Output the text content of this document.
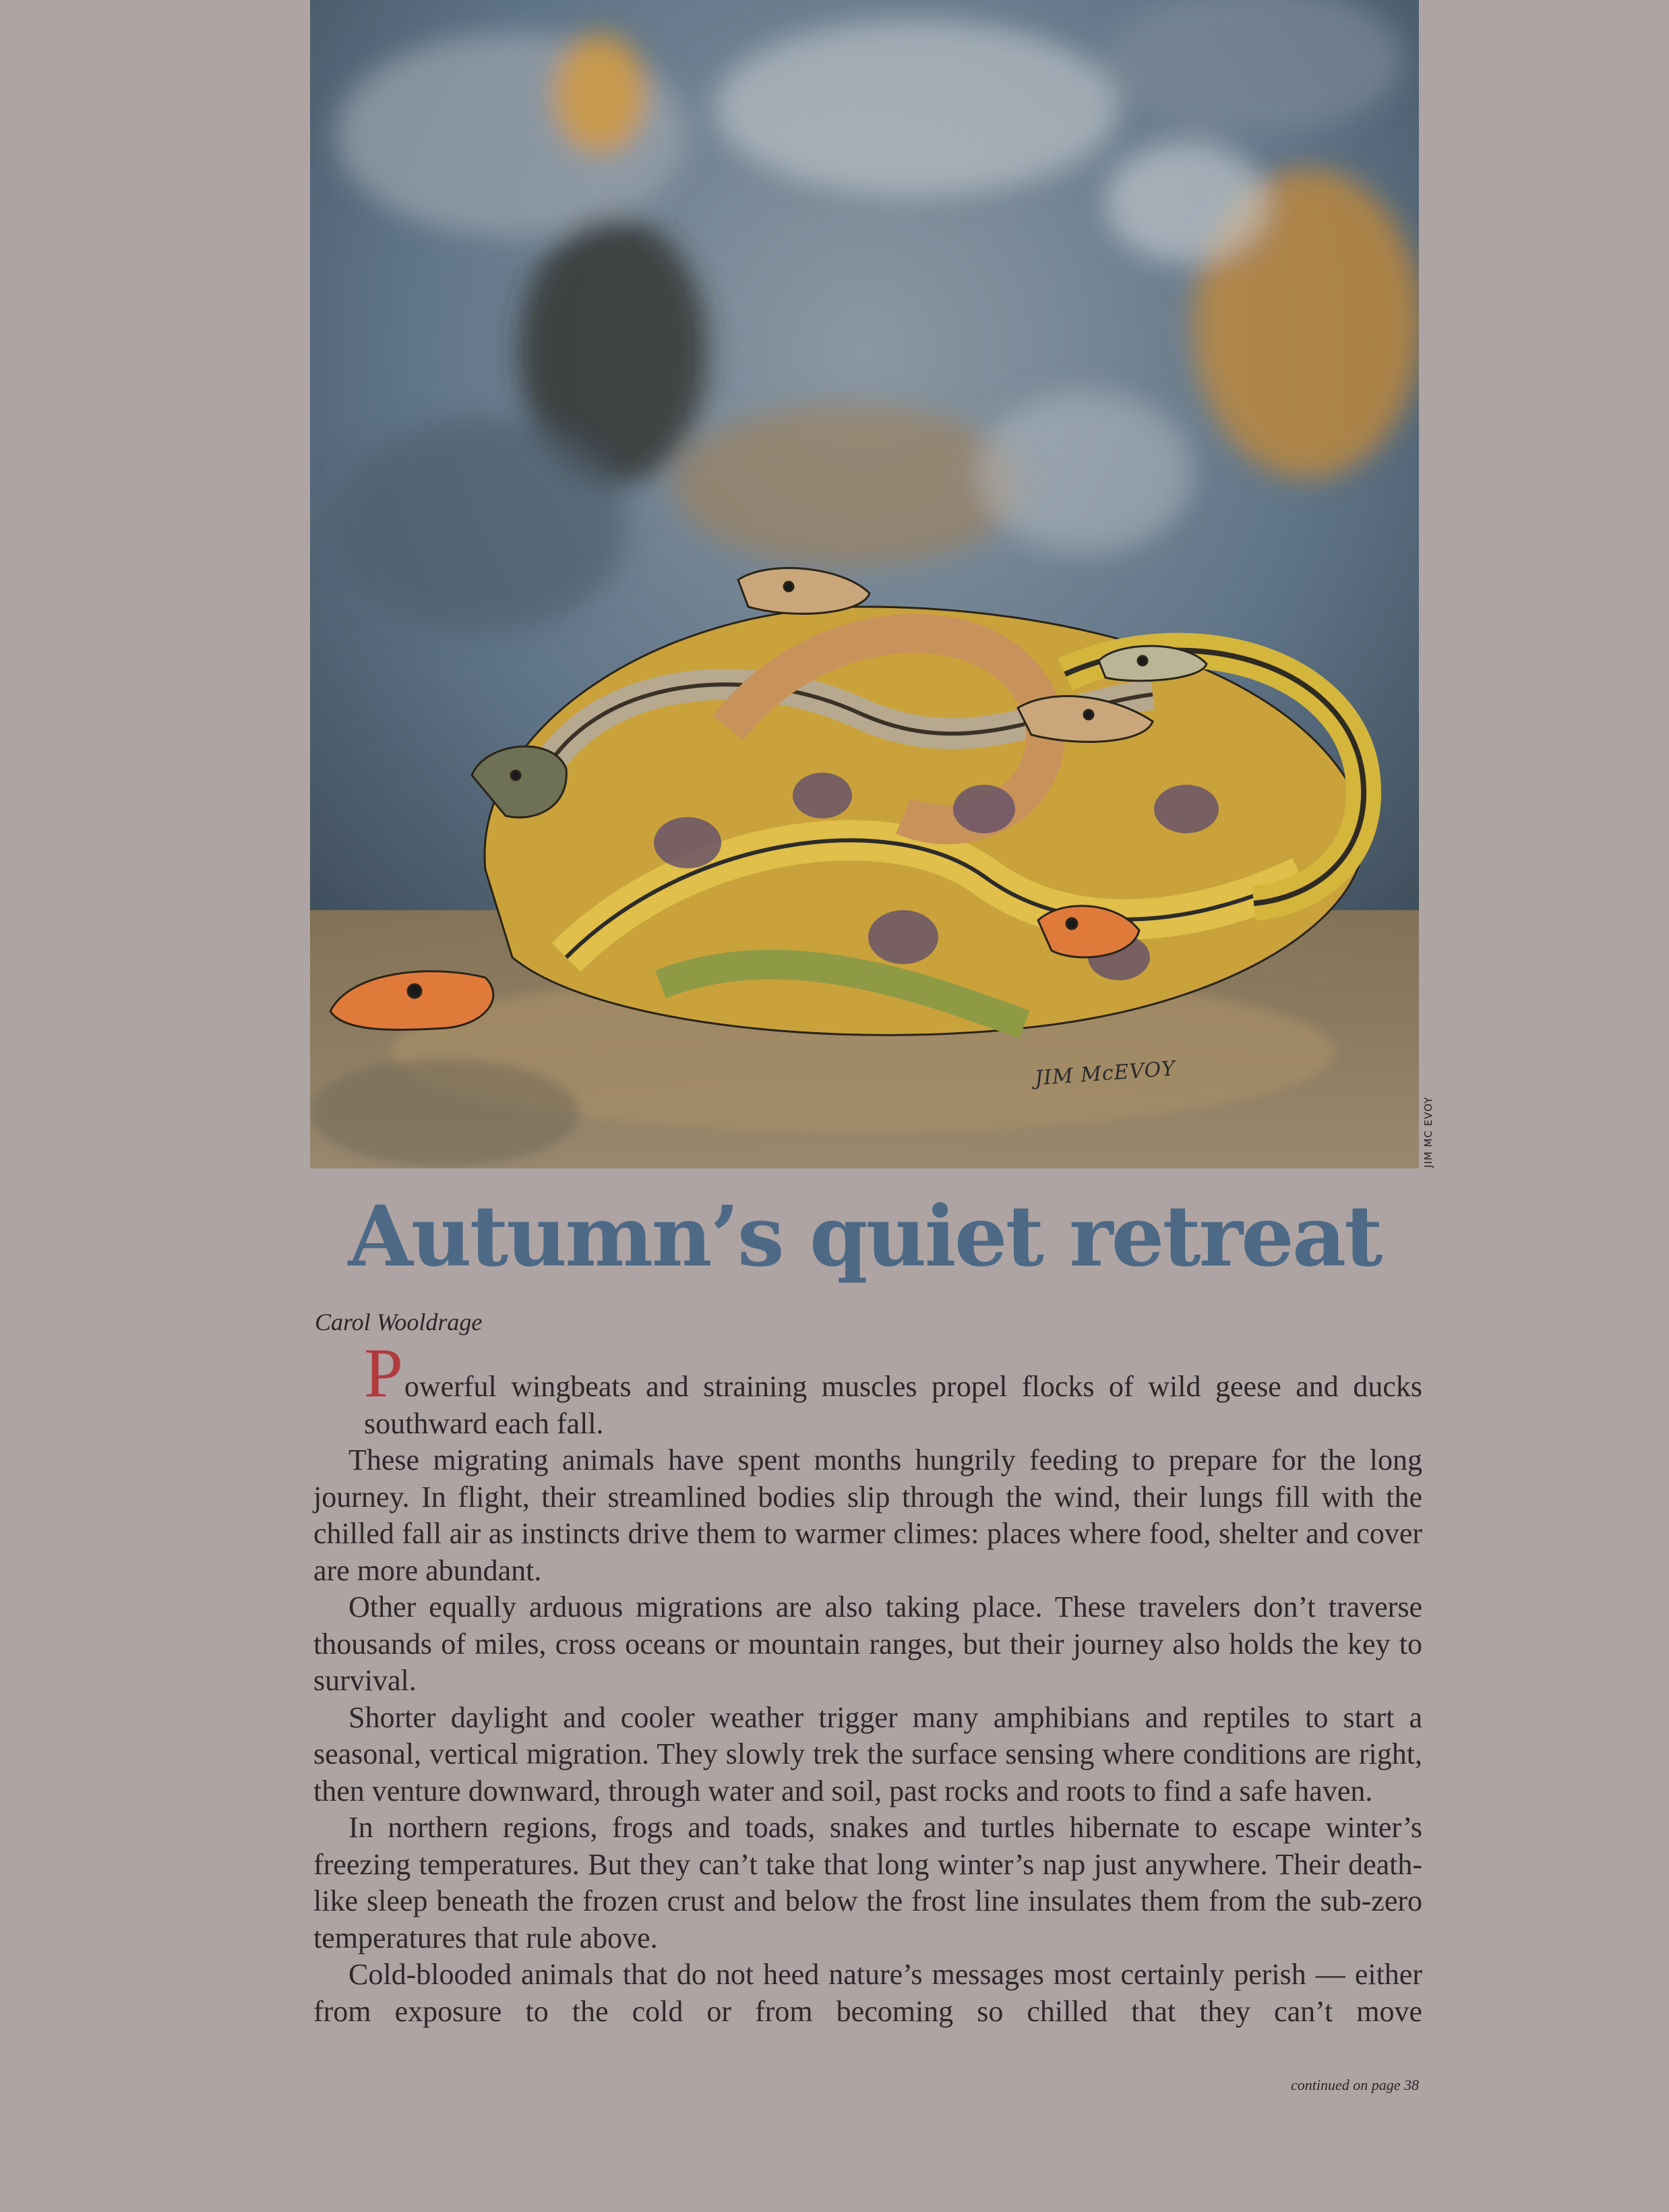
JIM McEVOY
JIM MC EVOY
Autumn’s quiet retreat
Carol Wooldrage

Powerful wingbeats and straining muscles propel flocks of wild geese and ducks southward each fall.

These migrating animals have spent months hungrily feeding to prepare for the long journey. In flight, their streamlined bodies slip through the wind, their lungs fill with the chilled fall air as instincts drive them to warmer climes: places where food, shelter and cover are more abundant.

Other equally arduous migrations are also taking place. These travelers don’t traverse thousands of miles, cross oceans or mountain ranges, but their journey also holds the key to survival.

Shorter daylight and cooler weather trigger many amphibians and reptiles to start a seasonal, vertical migration. They slowly trek the surface sensing where conditions are right, then venture downward, through water and soil, past rocks and roots to find a safe haven.

In northern regions, frogs and toads, snakes and turtles hibernate to escape winter’s freezing temperatures. But they can’t take that long winter’s nap just anywhere. Their death-like sleep beneath the frozen crust and below the frost line insulates them from the sub-zero temperatures that rule above.

Cold-blooded animals that do not heed nature’s messages most certainly perish — either from exposure to the cold or from becoming so chilled that they can’t move

continued on page 38
